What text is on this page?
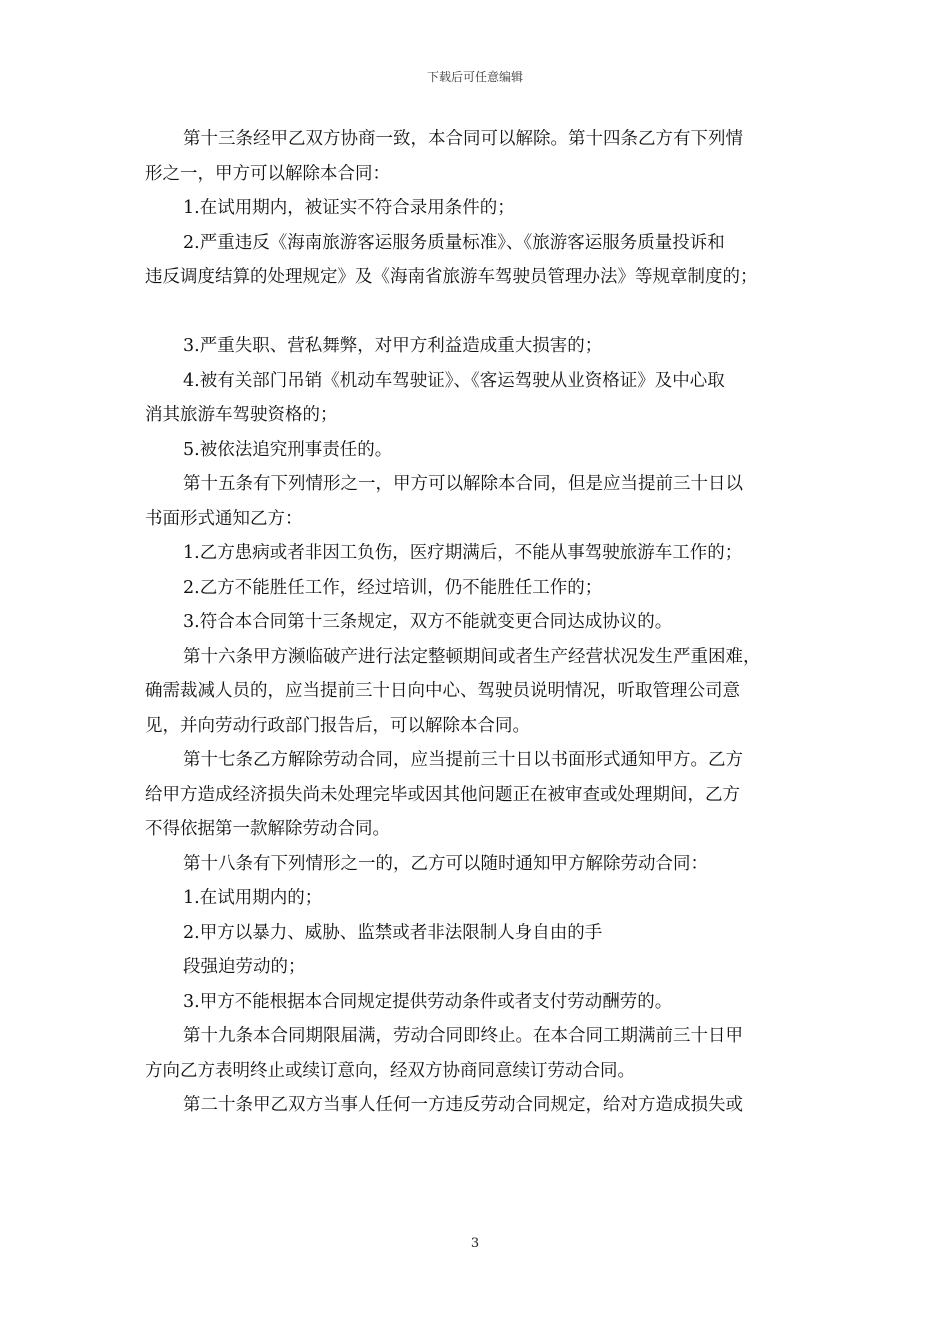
下载后可任意编辑
第十三条经甲乙双方协商一致，本合同可以解除。第十四条乙方有下列情
形之一，甲方可以解除本合同：
1.在试用期内，被证实不符合录用条件的；
2.严重违反《海南旅游客运服务质量标准》、《旅游客运服务质量投诉和
违反调度结算的处理规定》及《海南省旅游车驾驶员管理办法》等规章制度的；
3.严重失职、营私舞弊，对甲方利益造成重大损害的；
4.被有关部门吊销《机动车驾驶证》、《客运驾驶从业资格证》及中心取
消其旅游车驾驶资格的；
5.被依法追究刑事责任的。
第十五条有下列情形之一，甲方可以解除本合同，但是应当提前三十日以
书面形式通知乙方：
1.乙方患病或者非因工负伤，医疗期满后，不能从事驾驶旅游车工作的；
2.乙方不能胜任工作，经过培训，仍不能胜任工作的；
3.符合本合同第十三条规定，双方不能就变更合同达成协议的。
第十六条甲方濒临破产进行法定整顿期间或者生产经营状况发生严重困难，
确需裁减人员的，应当提前三十日向中心、驾驶员说明情况，听取管理公司意
见，并向劳动行政部门报告后，可以解除本合同。
第十七条乙方解除劳动合同，应当提前三十日以书面形式通知甲方。乙方
给甲方造成经济损失尚未处理完毕或因其他问题正在被审查或处理期间，乙方
不得依据第一款解除劳动合同。
第十八条有下列情形之一的，乙方可以随时通知甲方解除劳动合同：
1.在试用期内的；
2.甲方以暴力、威胁、监禁或者非法限制人身自由的手
段强迫劳动的；
3.甲方不能根据本合同规定提供劳动条件或者支付劳动酬劳的。
第十九条本合同期限届满，劳动合同即终止。在本合同工期满前三十日甲
方向乙方表明终止或续订意向，经双方协商同意续订劳动合同。
第二十条甲乙双方当事人任何一方违反劳动合同规定，给对方造成损失或
3
